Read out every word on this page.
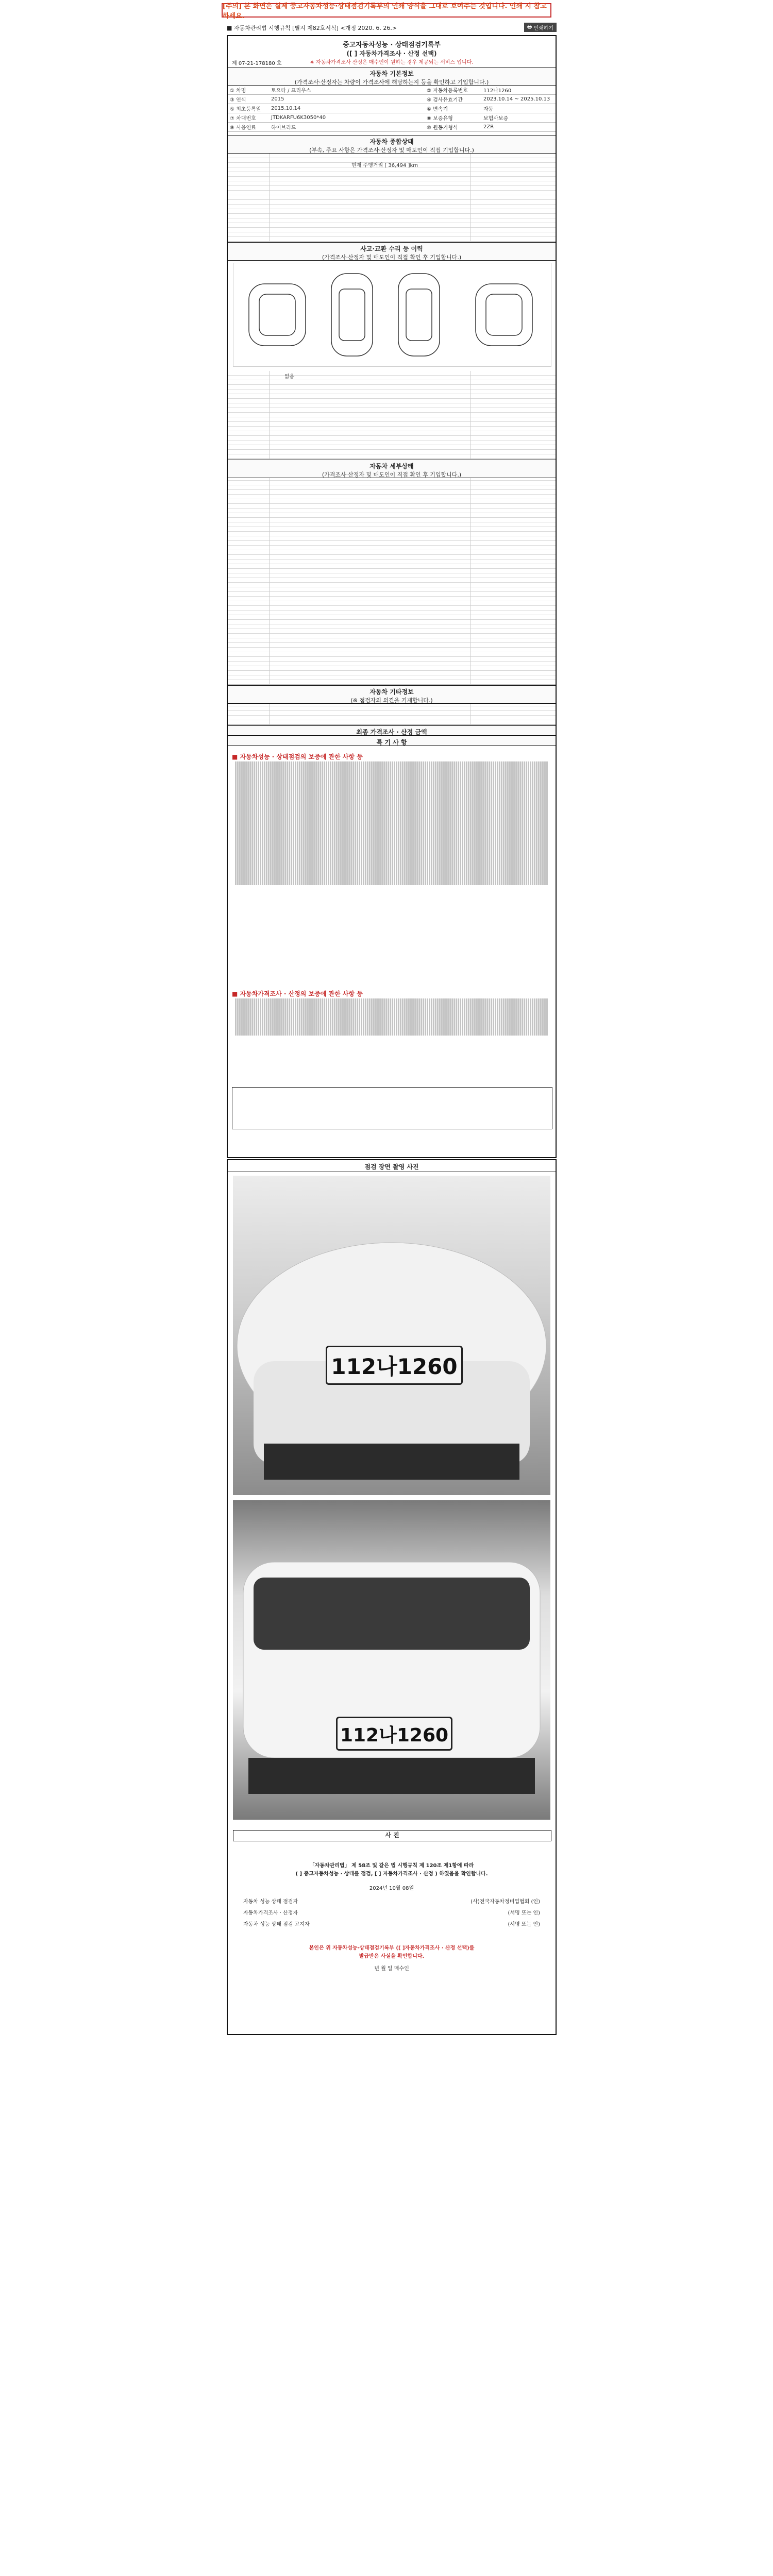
[주의] 본 화면은 실제 중고자동차성능·상태점검기록부의 인쇄 양식을 그대로 보여주는 것입니다. 인쇄 시 참고하세요.
■ 자동차관리법 시행규칙 [별지 제82호서식] <개정 2020. 6. 26.>	🖶 인쇄하기
중고자동차성능 · 상태점검기록부
([ ] 자동차가격조사 · 산정 선택)
※ 자동차가격조사 산정은 매수인이 원하는 경우 제공되는 서비스 입니다.
제 07-21-178180 호
자동차 기본정보
(가격조사·산정자는 차량이 가격조사에 해당하는지 등을 확인하고 기입합니다.)
① 차명	토요타 / 프리우스	② 자동차등록번호	112나1260
③ 연식	2015	④ 검사유효기간	2023.10.14 ~ 2025.10.13
⑤ 최초등록일	2015.10.14	⑥ 변속기	자동
⑦ 차대번호	JTDKARFU6K3050*40	⑧ 보증유형	보험사보증
⑨ 사용연료	하이브리드	⑩ 원동기형식	2ZR
자동차 종합상태
(부속, 주요 사항은 가격조사·산정자 및 매도인이 직접 기입합니다.)
현재 주행거리 [ 36,494 ]km
사고·교환 수리 등 이력
(가격조사·산정자 및 매도인이 직접 확인 후 기입합니다.)
없음
자동차 세부상태
(가격조사·산정자 및 매도인이 직접 확인 후 기입합니다.)
자동차 기타정보
(※ 점검자의 의견을 기재합니다.)
최종 가격조사 · 산정 금액
특 기 사 항
■ 자동차성능 · 상태점검의 보증에 관한 사항 등
■ 자동차가격조사 · 산정의 보증에 관한 사항 등
점검 장면 촬영 사진
112나1260
112나1260
사 진
「자동차관리법」 제 58조 및 같은 법 시행규칙 제 120조 제1항에 따라
( ] 중고자동차성능 · 상태를 점검, [ ] 자동차가격조사 · 산정 ) 하였음을 확인합니다.
2024년 10월 08일
자동차 성능 상태 점검자	(사)전국자동차정비업협회 (인)
자동차가격조사 · 산정자	(서명 또는 인)
자동차 성능 상태 점검 고지자	(서명 또는 인)
본인은 위 자동차성능·상태점검기록부 ([ ]자동차가격조사 · 산정 선택)를
발급받은 사실을 확인합니다.
년 월 일 매수인
